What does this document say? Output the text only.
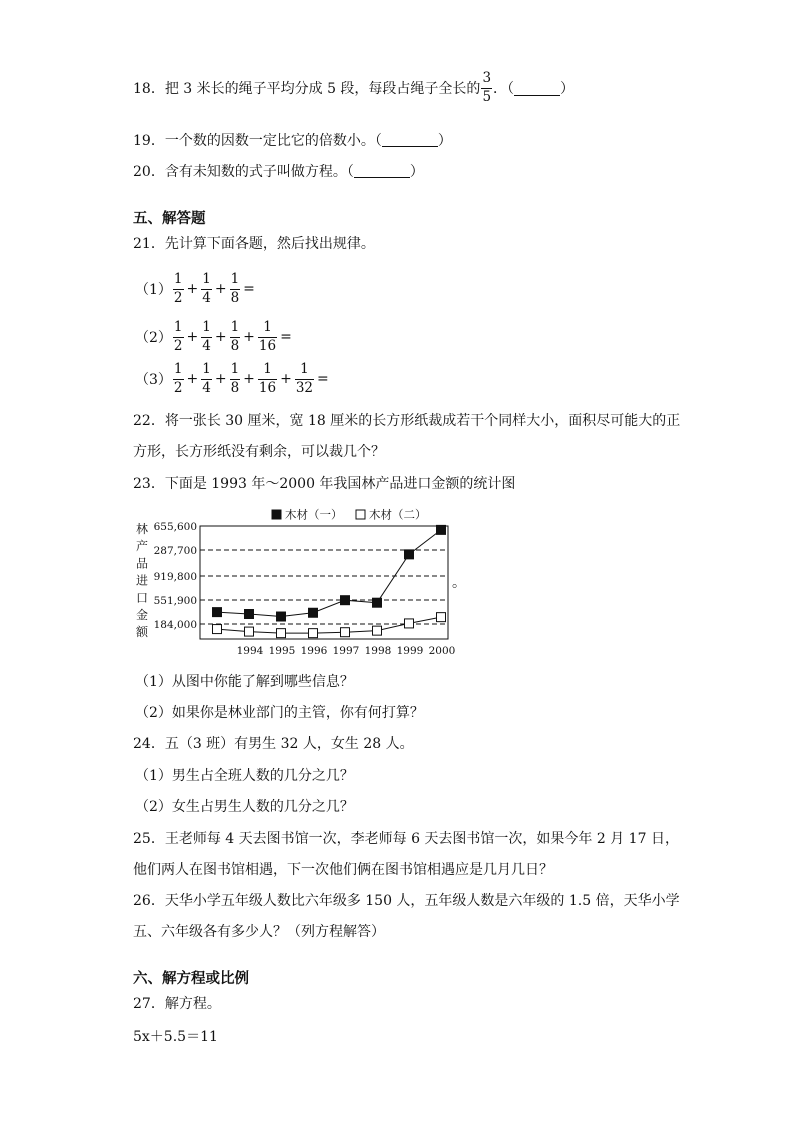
18．把 3 米长的绳子平均分成 5 段，每段占绳子全长的 $\frac{3}{5}$ ．（	）
19．一个数的因数一定比它的倍数小。（	）
20．含有未知数的式子叫做方程。（	）
五、解答题
21．先计算下面各题，然后找出规律。
$(1) \frac{1}{2} + \frac{1}{4} + \frac{1}{8}$ =
$(2) \frac{1}{2} + \frac{1}{4} + \frac{1}{8} + \frac{1}{16}$ =
$(3) \frac{1}{2} + \frac{1}{4} + \frac{1}{8} + \frac{1}{16} + \frac{1}{32}$ =
22．将一张长 30 厘米，宽 18 厘米的长方形纸裁成若干个同样大小，面积尽可能大的正
方形，长方形纸没有剩余，可以裁几个？
23．下面是 1993 年～2000 年我国林产品进口金额的统计图
木材（一） 木材（二）
林
产
品
进
口
金
额
655,600
287,700
919,800
551,900
184,000
1994 1995 1996 1997 1998 1999 2000
。
（1）从图中你能了解到哪些信息？
（2）如果你是林业部门的主管，你有何打算？
24．五（3 班）有男生 32 人，女生 28 人。
（1）男生占全班人数的几分之几？
（2）女生占男生人数的几分之几？
25．王老师每 4 天去图书馆一次，李老师每 6 天去图书馆一次，如果今年 2 月 17 日，
他们两人在图书馆相遇，下一次他们俩在图书馆相遇应是几月几日？
26．天华小学五年级人数比六年级多 150 人，五年级人数是六年级的 1.5 倍，天华小学
五、六年级各有多少人？（列方程解答）
六、解方程或比例
27．解方程。
5x＋5.5＝11
